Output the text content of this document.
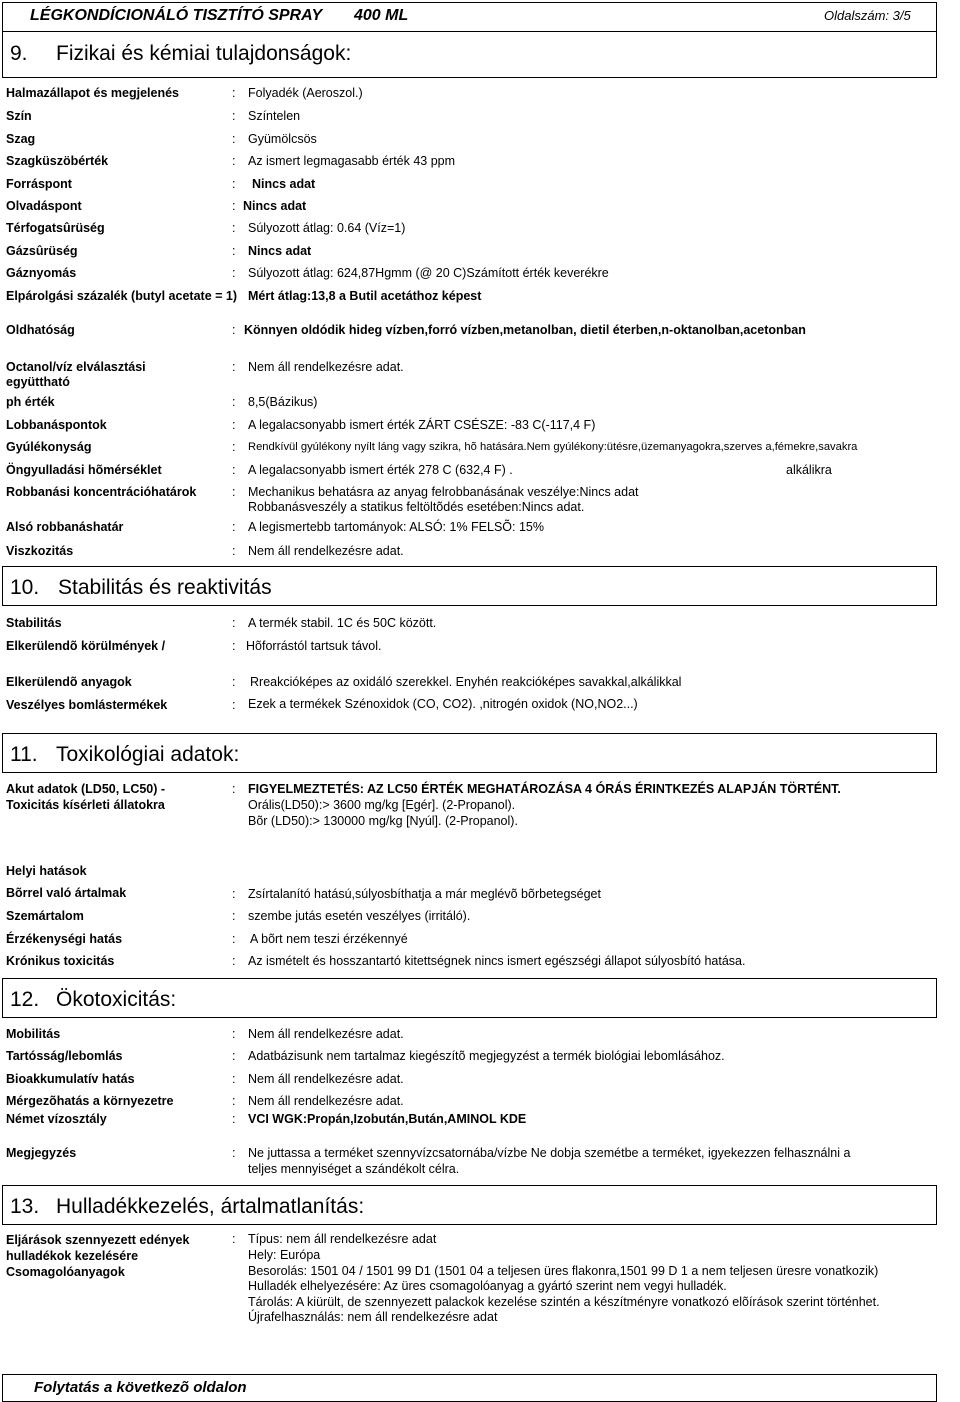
LÉGKONDÍCIONÁLÓ TISZTÍTÓ SPRAY 400 ML	Oldalszám: 3/5
9. Fizikai és kémiai tulajdonságok:
Halmazállapot és megjelenés	: Folyadék (Aeroszol.)
Szín	: Színtelen
Szag	: Gyümölcsös
Szagküszöbérték	: Az ismert legmagasabb érték 43 ppm
Forráspont	: Nincs adat
Olvadáspont	: Nincs adat
Térfogatsûrüség	: Súlyozott átlag: 0.64 (Víz=1)
Gázsûrüség	: Nincs adat
Gáznyomás	: Súlyozott átlag: 624,87Hgmm (@ 20 C)Számított érték keverékre
Elpárolgási százalék (butyl acetate = 1) Mért átlag:13,8 a Butil acetáthoz képest
Oldhatóság	: Könnyen oldódik hideg vízben,forró vízben,metanolban, dietil éterben,n-oktanolban,acetonban
Octanol/víz elválasztási együttható
: Nem áll rendelkezésre adat.
ph érték	: 8,5(Bázikus)
Lobbanáspontok	: A legalacsonyabb ismert érték ZÁRT CSÉSZE: -83 C(-117,4 F)
Gyúlékonyság	: Rendkívül gyúlékony nyílt láng vagy szikra, hõ hatására.Nem gyúlékony:ütésre,üzemanyagokra,szerves a,fémekre,savakra
Öngyulladási hõmérséklet	: A legalacsonyabb ismert érték 278 C (632,4 F) .	alkálikra
Robbanási koncentrációhatárok	: Mechanikus behatásra az anyag felrobbanásának veszélye:Nincs adat
Robbanásveszély a statikus feltöltõdés esetében:Nincs adat.
Alsó robbanáshatár	: A legismertebb tartományok: ALSÓ: 1% FELSÕ: 15%
Viszkozitás	: Nem áll rendelkezésre adat.
10. Stabilitás és reaktivitás
Stabilitás	: A termék stabil. 1C és 50C között.
Elkerülendõ körülmények /	: Hõforrástól tartsuk távol.
Elkerülendõ anyagok	: Rreakcióképes az oxidáló szerekkel. Enyhén reakcióképes savakkal,alkálikkal
Veszélyes bomlástermékek	: Ezek a termékek Szénoxidok (CO, CO2). ,nitrogén oxidok (NO,NO2...)
11. Toxikológiai adatok:
Akut adatok (LD50, LC50) -
Toxicitás kísérleti állatokra
: FIGYELMEZTETÉS: AZ LC50 ÉRTÉK MEGHATÁROZÁSA 4 ÓRÁS ÉRINTKEZÉS ALAPJÁN TÖRTÉNT.
Orális(LD50):> 3600 mg/kg [Egér]. (2-Propanol).
Bõr (LD50):> 130000 mg/kg [Nyúl]. (2-Propanol).
Helyi hatások
Bõrrel való ártalmak	: Zsírtalanító hatású,súlyosbíthatja a már meglévõ bõrbetegséget
Szemártalom	: szembe jutás esetén veszélyes (irritáló).
Érzékenységi hatás	: A bõrt nem teszi érzékennyé
Krónikus toxicitás	: Az ismételt és hosszantartó kitettségnek nincs ismert egészségi állapot súlyosbító hatása.
12. Ökotoxicitás:
Mobilitás	: Nem áll rendelkezésre adat.
Tartósság/lebomlás	: Adatbázisunk nem tartalmaz kiegészítõ megjegyzést a termék biológiai lebomlásához.
Bioakkumulatív hatás	: Nem áll rendelkezésre adat.
Mérgezõhatás a környezetre	: Nem áll rendelkezésre adat.
Német vízosztály	: VCI WGK:Propán,Izobután,Bután,AMINOL KDE
Megjegyzés	: Ne juttassa a terméket szennyvízcsatornába/vízbe Ne dobja szemétbe a terméket, igyekezzen felhasználni a
teljes mennyiséget a szándékolt célra.
13. Hulladékkezelés, ártalmatlanítás:
Eljárások szennyezett edények
hulladékok kezelésére
Csomagolóanyagok
: Típus: nem áll rendelkezésre adat
Hely: Európa
Besorolás: 1501 04 / 1501 99 D1 (1501 04 a teljesen üres flakonra,1501 99 D 1 a nem teljesen üresre vonatkozik)
Hulladék elhelyezésére: Az üres csomagolóanyag a gyártó szerint nem vegyi hulladék.
Tárolás: A kiürült, de szennyezett palackok kezelése szintén a készítményre vonatkozó elõírások szerint történhet.
Újrafelhasználás: nem áll rendelkezésre adat
Folytatás a következõ oldalon
